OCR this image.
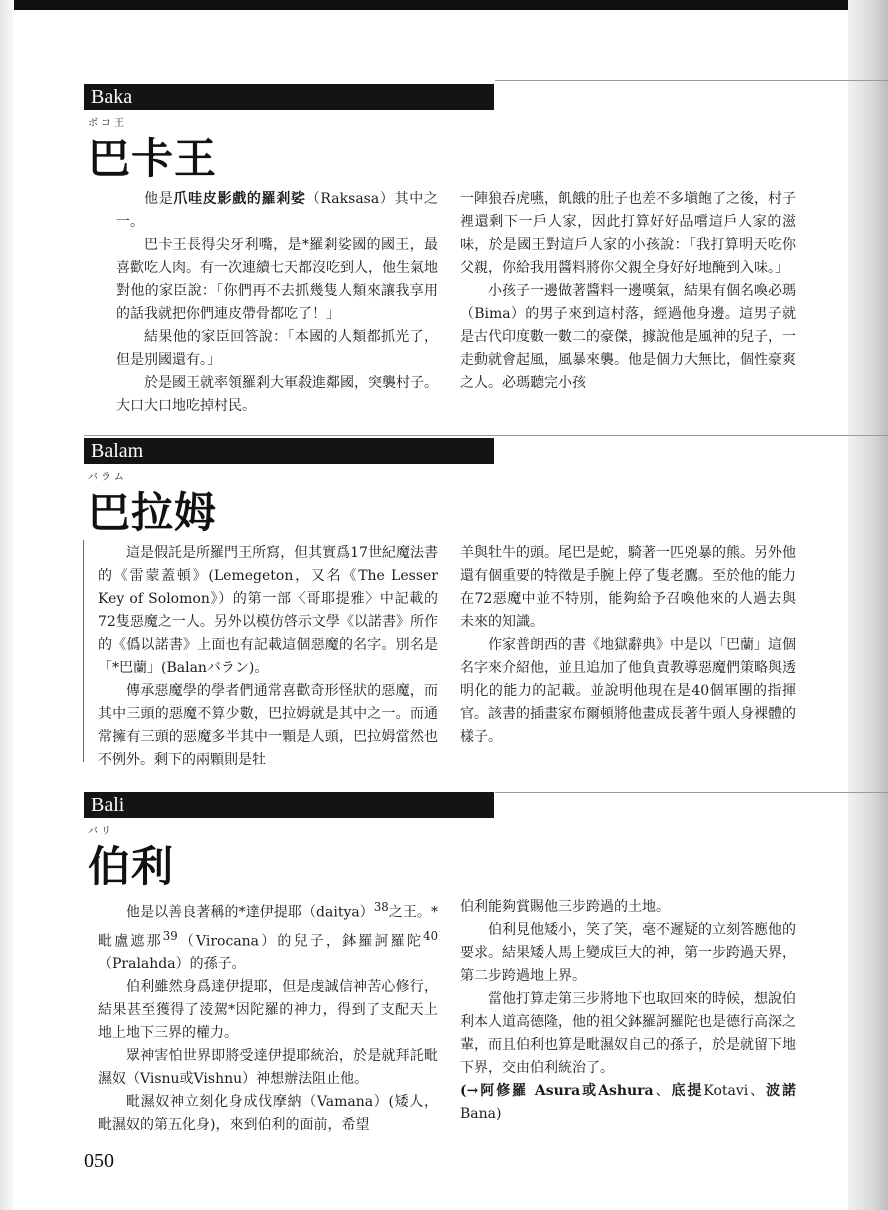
Baka
ボコ王
巴卡王

他是爪哇皮影戲的羅剎娑（Raksasa）其中之一。

巴卡王長得尖牙利嘴，是*羅剎娑國的國王，最喜歡吃人肉。有一次連續七天都沒吃到人，他生氣地對他的家臣說：「你們再不去抓幾隻人類來讓我享用的話我就把你們連皮帶骨都吃了！」

結果他的家臣回答說：「本國的人類都抓光了，但是別國還有。」

於是國王就率領羅剎大軍殺進鄰國，突襲村子。大口大口地吃掉村民。

一陣狼吞虎嚥，飢餓的肚子也差不多塡飽了之後，村子裡還剩下一戶人家，因此打算好好品嚐這戶人家的滋味，於是國王對這戶人家的小孩說：「我打算明天吃你父親，你給我用醬料將你父親全身好好地醃到入味。」

小孩子一邊做著醬料一邊嘆氣，結果有個名喚必瑪（Bima）的男子來到這村落，經過他身邊。這男子就是古代印度數一數二的豪傑，據說他是風神的兒子，一走動就會起風，風暴來襲。他是個力大無比，個性豪爽之人。必瑪聽完小孩

Balam
バラム
巴拉姆

這是假託是所羅門王所寫，但其實爲17世紀魔法書的《雷蒙蓋頓》(Lemegeton，又名《The Lesser Key of Solomon》）的第一部〈哥耶提雅〉中記載的72隻惡魔之一人。另外以模仿啓示文學《以諾書》所作的《僞以諾書》上面也有記載這個惡魔的名字。別名是「*巴蘭」(Balanバラン)。

傳承惡魔學的學者們通常喜歡奇形怪狀的惡魔，而其中三頭的惡魔不算少數，巴拉姆就是其中之一。而通常擁有三頭的惡魔多半其中一顆是人頭，巴拉姆當然也不例外。剩下的兩顆則是牡

羊與牡牛的頭。尾巴是蛇，騎著一匹兇暴的熊。另外他還有個重要的特徵是手腕上停了隻老鷹。至於他的能力在72惡魔中並不特別，能夠給予召喚他來的人過去與未來的知識。

作家普朗西的書《地獄辭典》中是以「巴蘭」這個名字來介紹他，並且追加了他負責教導惡魔們策略與透明化的能力的記載。並說明他現在是40個軍團的指揮官。該書的插畫家布爾頓將他畫成長著牛頭人身裸體的樣子。

Bali
バリ
伯利

他是以善良著稱的*達伊提耶（daitya）$^{38}$之王。*毗盧遮那$^{39}$（Virocana）的兒子，鉢羅訶羅陀$^{40}$（Pralahda）的孫子。

伯利雖然身爲達伊提耶，但是虔誠信神苦心修行，結果甚至獲得了淩駕*因陀羅的神力，得到了支配天上地上地下三界的權力。

眾神害怕世界即將受達伊提耶統治，於是就拜託毗濕奴（Visnu或Vishnu）神想辦法阻止他。

毗濕奴神立刻化身成伐摩納（Vamana）(矮人，毗濕奴的第五化身)，來到伯利的面前，希望

伯利能夠賞賜他三步跨過的土地。

伯利見他矮小，笑了笑，毫不遲疑的立刻答應他的要求。結果矮人馬上變成巨大的神，第一步跨過天界，第二步跨過地上界。

當他打算走第三步將地下也取回來的時候，想說伯利本人道高德隆，他的祖父鉢羅訶羅陀也是德行高深之輩，而且伯利也算是毗濕奴自己的孫子，於是就留下地下界，交由伯利統治了。

(→阿修羅 Asura或Ashura、底提Kotavi、波諾Bana)

050
